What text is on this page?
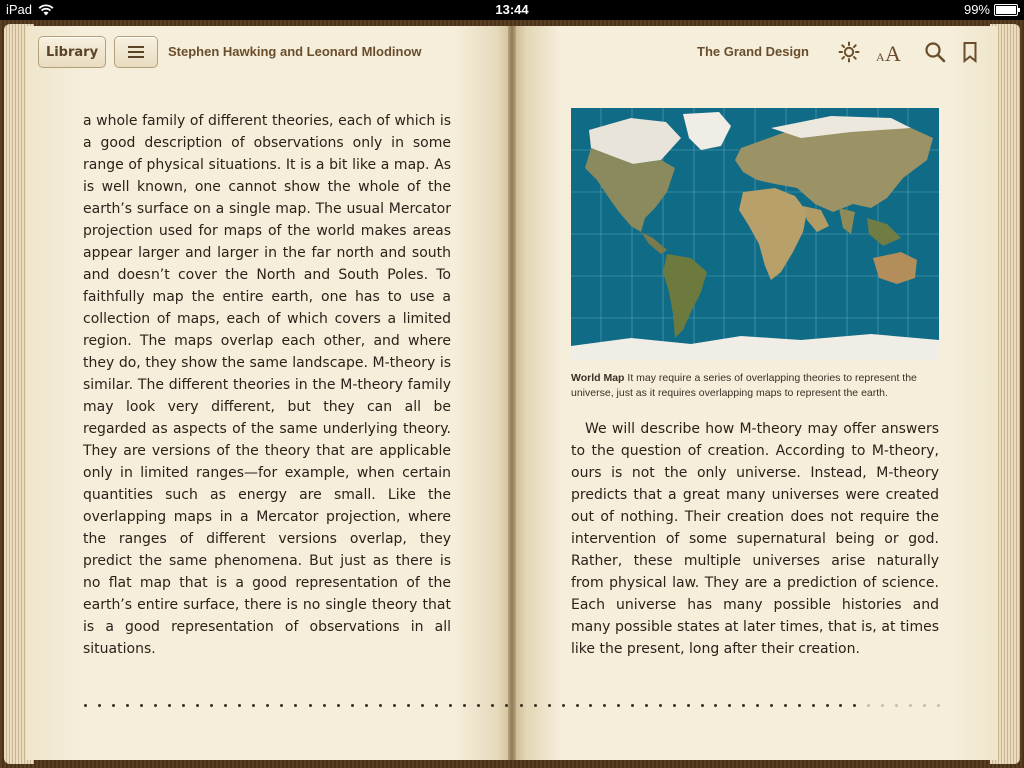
iPad	13:44	99%
Library	Stephen Hawking and Leonard Mlodinow	The Grand Design	A A

a whole family of different theories, each of which is a good description of observations only in some range of physical situations. It is a bit like a map. As is well known, one cannot show the whole of the earth’s surface on a single map. The usual Mercator projection used for maps of the world makes areas appear larger and larger in the far north and south and doesn’t cover the North and South Poles. To faithfully map the entire earth, one has to use a collection of maps, each of which covers a limited region. The maps overlap each other, and where they do, they show the same landscape. M-theory is similar. The different theories in the M-theory family may look very different, but they can all be regarded as aspects of the same underlying theory. They are versions of the theory that are applicable only in limited ranges—for example, when certain quantities such as energy are small. Like the overlapping maps in a Mercator projection, where the ranges of different versions overlap, they predict the same phenomena. But just as there is no flat map that is a good representation of the earth’s entire surface, there is no single theory that is a good representation of observations in all situations.

World Map It may require a series of overlapping theories to represent the universe, just as it requires overlapping maps to represent the earth.

We will describe how M-theory may offer answers to the question of creation. According to M-theory, ours is not the only universe. Instead, M-theory predicts that a great many universes were created out of nothing. Their creation does not require the intervention of some supernatural being or god. Rather, these multiple universes arise naturally from physical law. They are a prediction of science. Each universe has many possible histories and many possible states at later times, that is, at times like the present, long after their creation.
